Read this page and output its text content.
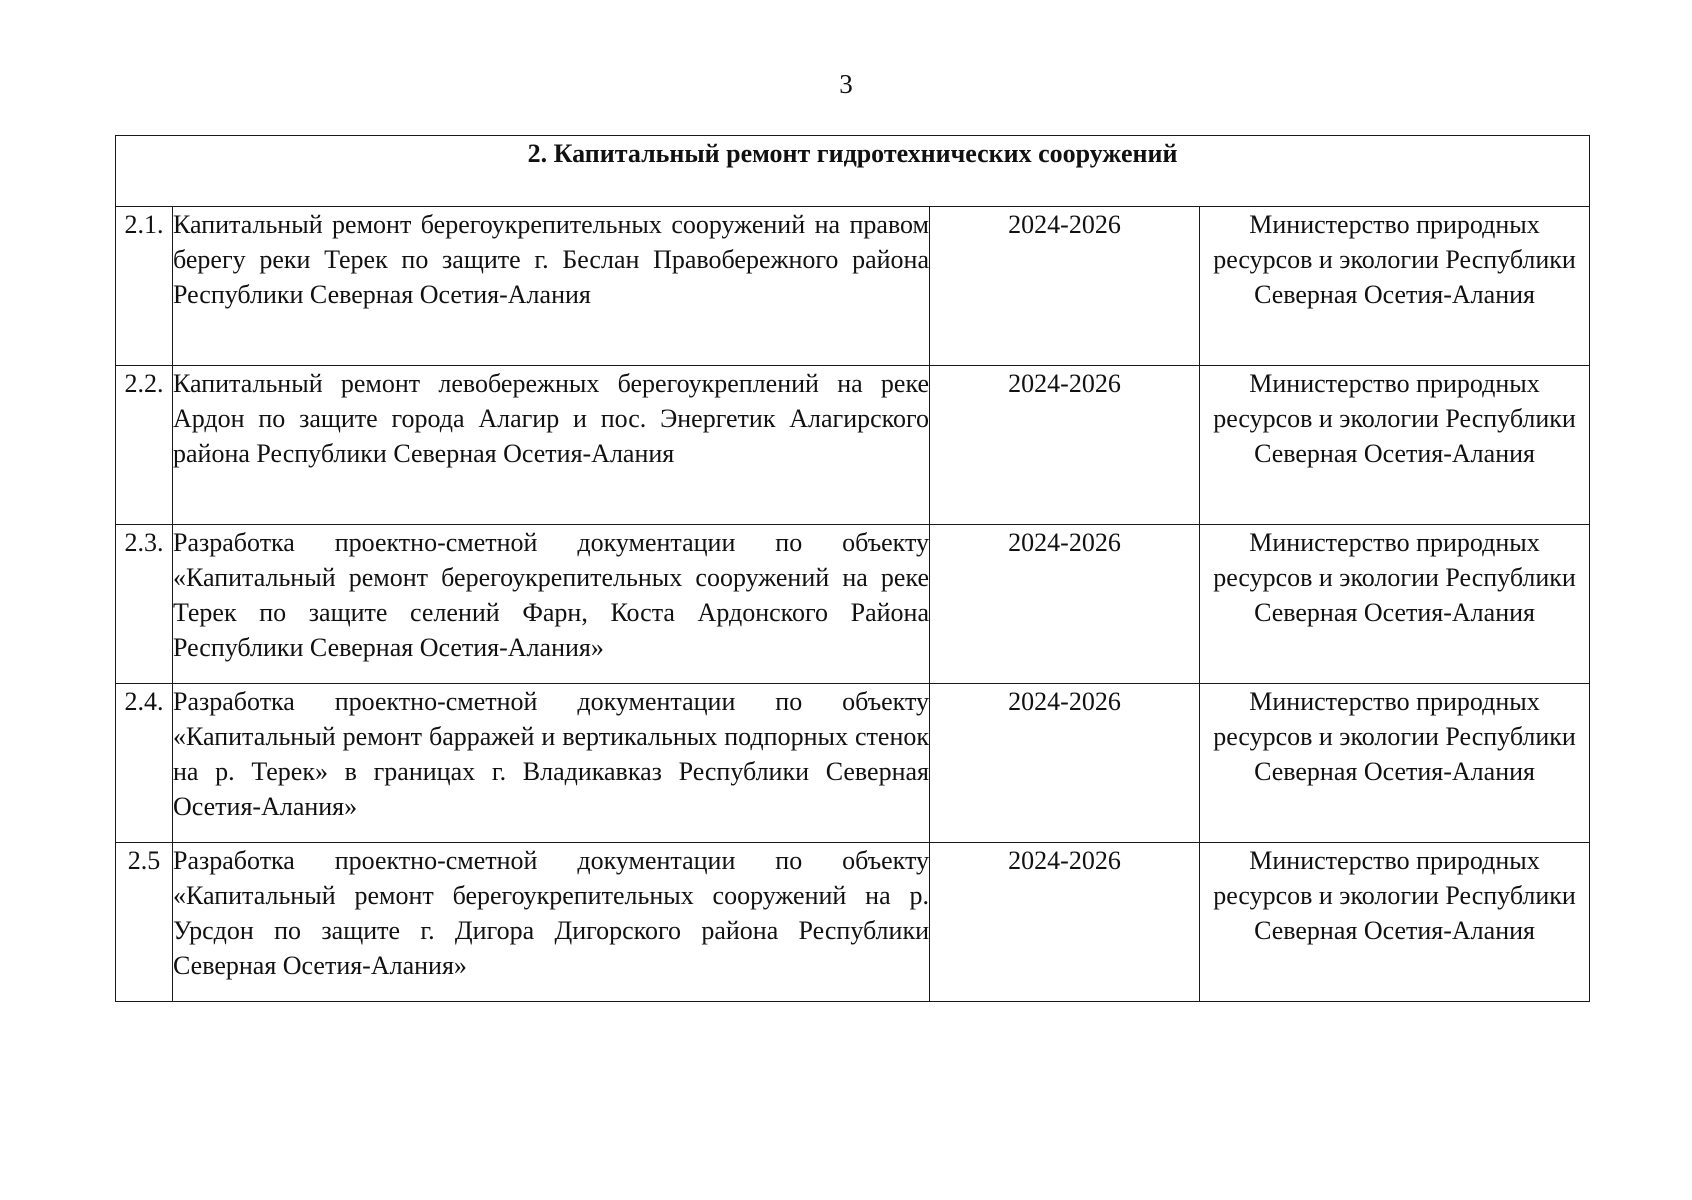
3
2. Капитальный ремонт гидротехнических сооружений			
2.1.	Капитальный ремонт берегоукрепительных сооружений на правом берегу реки Терек по защите г. Беслан Правобережного района Республики Северная Осетия-Алания	2024-2026	Министерство природных ресурсов и экологии Республики Северная Осетия-Алания
2.2.	Капитальный ремонт левобережных берегоукреплений на реке Ардон по защите города Алагир и пос. Энергетик Алагирского района Республики Северная Осетия-Алания	2024-2026	Министерство природных ресурсов и экологии Республики Северная Осетия-Алания
2.3.	Разработка проектно-сметной документации по объекту «Капитальный ремонт берегоукрепительных сооружений на реке Терек по защите селений Фарн, Коста Ардонского Района Республики Северная Осетия-Алания»	2024-2026	Министерство природных ресурсов и экологии Республики Северная Осетия-Алания
2.4.	Разработка проектно-сметной документации по объекту «Капитальный ремонт барражей и вертикальных подпорных стенок на р. Терек» в границах г. Владикавказ Республики Северная Осетия-Алания»	2024-2026	Министерство природных ресурсов и экологии Республики Северная Осетия-Алания
2.5	Разработка проектно-сметной документации по объекту «Капитальный ремонт берегоукрепительных сооружений на р. Урсдон по защите г. Дигора Дигорского района Республики Северная Осетия-Алания»	2024-2026	Министерство природных ресурсов и экологии Республики Северная Осетия-Алания
